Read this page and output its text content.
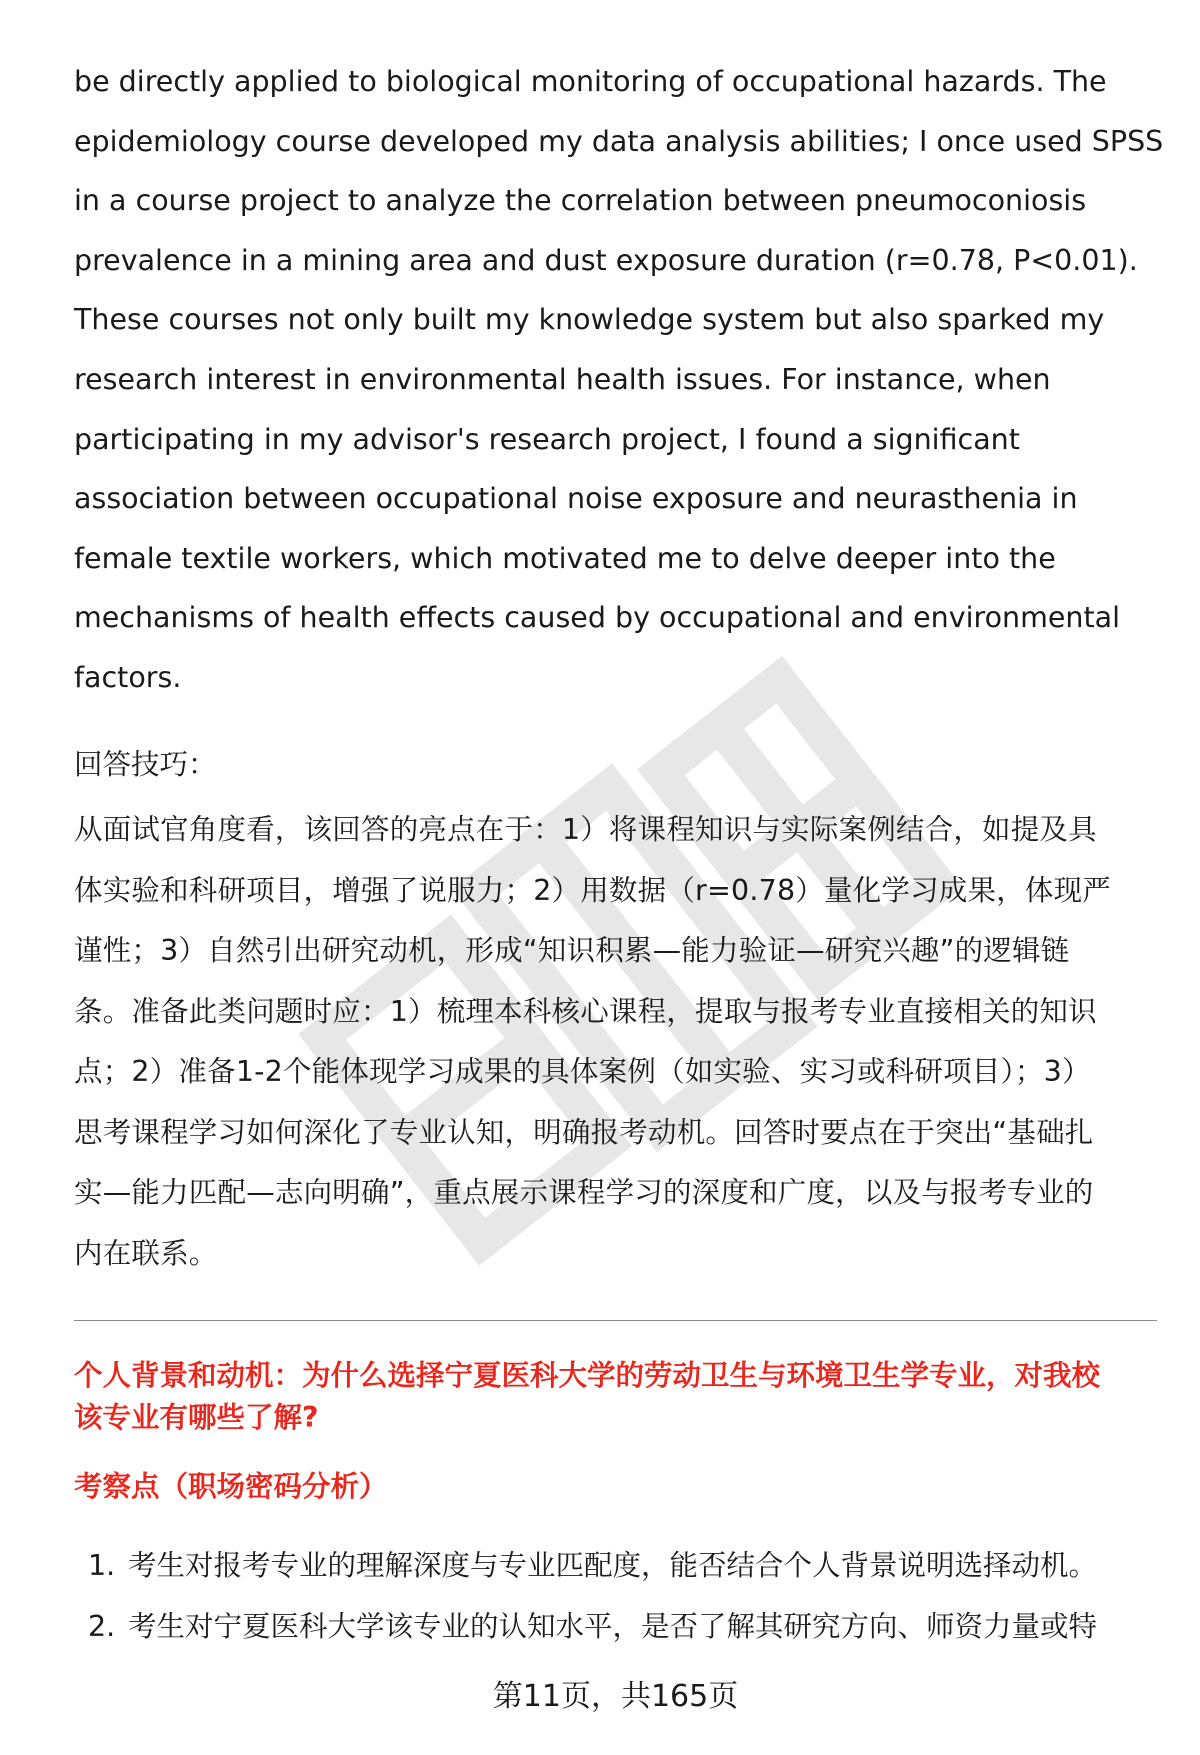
be directly applied to biological monitoring of occupational hazards. The
epidemiology course developed my data analysis abilities; I once used SPSS
in a course project to analyze the correlation between pneumoconiosis
prevalence in a mining area and dust exposure duration (r=0.78, P<0.01).
These courses not only built my knowledge system but also sparked my
research interest in environmental health issues. For instance, when
participating in my advisor's research project, I found a significant
association between occupational noise exposure and neurasthenia in
female textile workers, which motivated me to delve deeper into the
mechanisms of health effects caused by occupational and environmental
factors.

回答技巧：

从面试官角度看，该回答的亮点在于：1）将课程知识与实际案例结合，如提及具
体实验和科研项目，增强了说服力；2）用数据（r=0.78）量化学习成果，体现严
谨性；3）自然引出研究动机，形成“知识积累—能力验证—研究兴趣”的逻辑链
条。准备此类问题时应：1）梳理本科核心课程，提取与报考专业直接相关的知识
点；2）准备1-2个能体现学习成果的具体案例（如实验、实习或科研项目）；3）
思考课程学习如何深化了专业认知，明确报考动机。回答时要点在于突出“基础扎
实—能力匹配—志向明确”，重点展示课程学习的深度和广度，以及与报考专业的
内在联系。

个人背景和动机：为什么选择宁夏医科大学的劳动卫生与环境卫生学专业，对我校
该专业有哪些了解?
考察点（职场密码分析）
1. 考生对报考专业的理解深度与专业匹配度，能否结合个人背景说明选择动机。
2. 考生对宁夏医科大学该专业的认知水平，是否了解其研究方向、师资力量或特
第11页，共165页
